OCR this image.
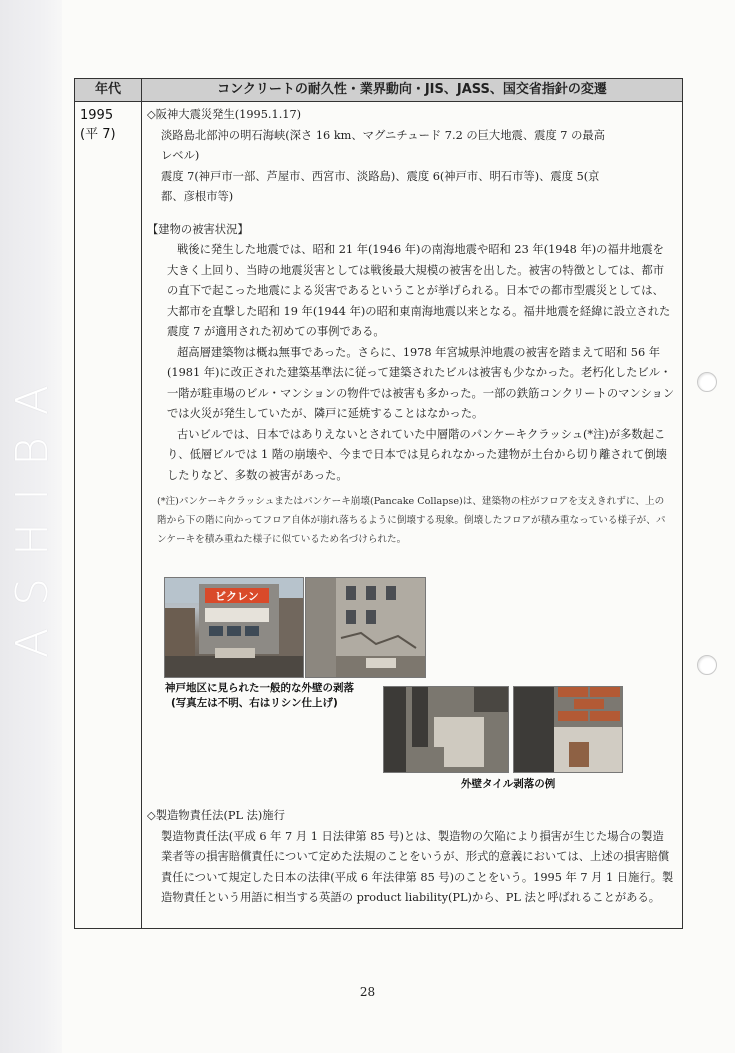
ASHIBA
年代	コンクリートの耐久性・業界動向・JIS、JASS、国交省指針の変遷
1995
(平 7)

◇阪神大震災発生(1995.1.17)

淡路島北部沖の明石海峡(深さ 16 km、マグニチュード 7.2 の巨大地震、震度 7 の最高

レベル)

震度 7(神戸市一部、芦屋市、西宮市、淡路島)、震度 6(神戸市、明石市等)、震度 5(京

都、彦根市等)

【建物の被害状況】

戦後に発生した地震では、昭和 21 年(1946 年)の南海地震や昭和 23 年(1948 年)の福井地震を大きく上回り、当時の地震災害としては戦後最大規模の被害を出した。被害の特徴としては、都市の直下で起こった地震による災害であるということが挙げられる。日本での都市型震災としては、大都市を直撃した昭和 19 年(1944 年)の昭和東南海地震以来となる。福井地震を経緯に設立された震度 7 が適用された初めての事例である。

超高層建築物は概ね無事であった。さらに、1978 年宮城県沖地震の被害を踏まえて昭和 56 年(1981 年)に改正された建築基準法に従って建築されたビルは被害も少なかった。老朽化したビル・一階が駐車場のビル・マンションの物件では被害も多かった。一部の鉄筋コンクリートのマンションでは火災が発生していたが、隣戸に延焼することはなかった。

古いビルでは、日本ではありえないとされていた中層階のパンケーキクラッシュ(*注)が多数起こり、低層ビルでは 1 階の崩壊や、今まで日本では見られなかった建物が土台から切り離されて倒壊したりなど、多数の被害があった。

(*注)パンケーキクラッシュまたはパンケーキ崩壊(Pancake Collapse)は、建築物の柱がフロアを支えきれずに、上の階から下の階に向かってフロア自体が崩れ落ちるように倒壊する現象。倒壊したフロアが積み重なっている様子が、パンケーキを積み重ねた様子に似ているため名づけられた。

ビクレン
神戸地区に見られた一般的な外壁の剥落
(写真左は不明、右はリシン仕上げ)
外壁タイル剥落の例

◇製造物責任法(PL 法)施行

製造物責任法(平成 6 年 7 月 1 日法律第 85 号)とは、製造物の欠陥により損害が生じた場合の製造業者等の損害賠償責任について定めた法規のことをいうが、形式的意義においては、上述の損害賠償責任について規定した日本の法律(平成 6 年法律第 85 号)のことをいう。1995 年 7 月 1 日施行。製造物責任という用語に相当する英語の product liability(PL)から、PL 法と呼ばれることがある。

28
